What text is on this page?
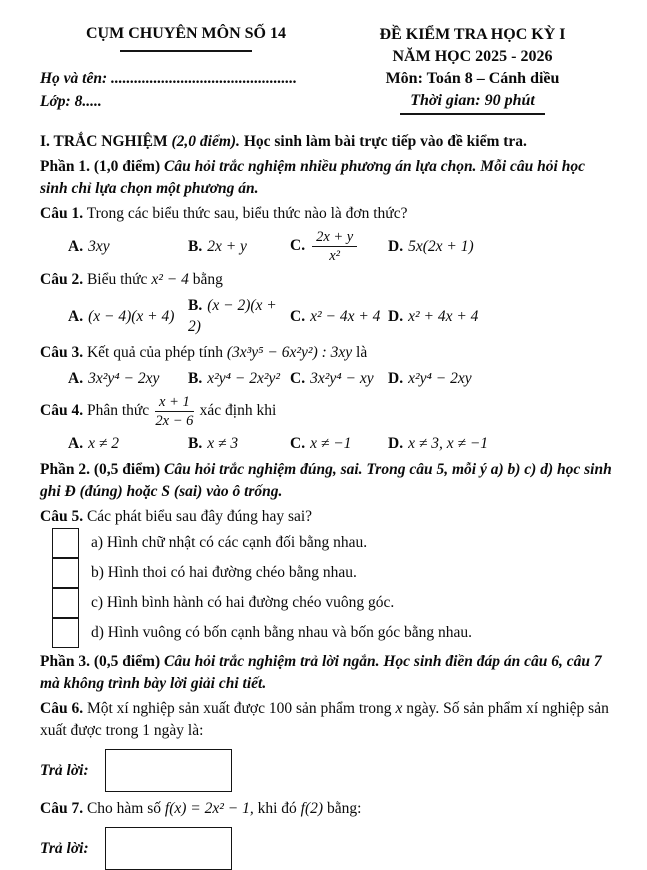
CỤM CHUYÊN MÔN SỐ 14
Họ và tên: ................................................
Lớp: 8.....
ĐỀ KIỂM TRA HỌC KỲ I
NĂM HỌC 2025 - 2026
Môn: Toán 8 – Cánh diều
Thời gian: 90 phút

I. TRẮC NGHIỆM (2,0 điểm). Học sinh làm bài trực tiếp vào đề kiểm tra.

Phần 1. (1,0 điểm) Câu hỏi trắc nghiệm nhiều phương án lựa chọn. Mỗi câu hỏi học sinh chỉ lựa chọn một phương án.

Câu 1. Trong các biểu thức sau, biểu thức nào là đơn thức?

A. 3xy	B. 2x + y	C. $\frac{2x + y}{\text{x²}} D$. 5x(2x + 1)

Câu 2. Biểu thức x² − 4 bằng

A. (x − 4)(x + 4)
B. (x − 2)(x + 2)
C. x² − 4x + 4 D. x² + 4x + 4

Câu 3. Kết quả của phép tính (3x³y⁵ − 6x²y²) : 3xy là

A. 3x²y⁴ − 2xy	B. x²y⁴ − 2x²y² C. 3x²y⁴ − xy D. x²y⁴ − 2xy

Câu 4. Phân thức $\frac{x + 1}{2x - 6}$ xác định khi

A. x ≠ 2	B. x ≠ 3	C. x ≠ −1	D. x ≠ 3, x ≠ −1

Phần 2. (0,5 điểm) Câu hỏi trắc nghiệm đúng, sai. Trong câu 5, mỗi ý a) b) c) d) học sinh ghi Đ (đúng) hoặc S (sai) vào ô trống.

Câu 5. Các phát biểu sau đây đúng hay sai?

a) Hình chữ nhật có các cạnh đối bằng nhau.
b) Hình thoi có hai đường chéo bằng nhau.
c) Hình bình hành có hai đường chéo vuông góc.
d) Hình vuông có bốn cạnh bằng nhau và bốn góc bằng nhau.

Phần 3. (0,5 điểm) Câu hỏi trắc nghiệm trả lời ngắn. Học sinh điền đáp án câu 6, câu 7 mà không trình bày lời giải chi tiết.

Câu 6. Một xí nghiệp sản xuất được 100 sản phẩm trong x ngày. Số sản phẩm xí nghiệp sản xuất được trong 1 ngày là:

Trả lời:

Câu 7. Cho hàm số f(x) = 2x² − 1, khi đó f(2) bằng:

Trả lời:
